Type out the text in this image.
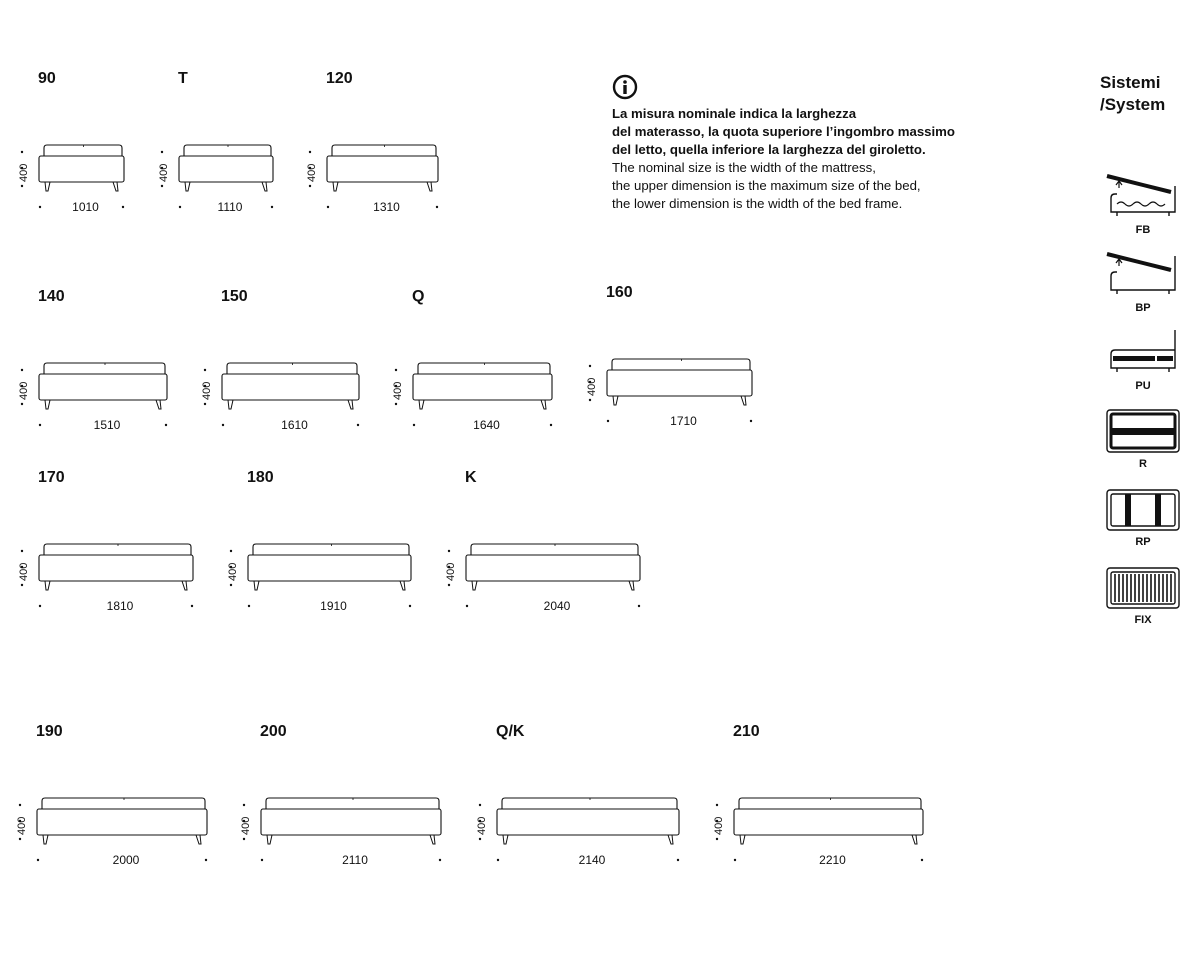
90
400
1010
T
400
1110
120
400
1310
140
400
1510
150
400
1610
Q
400
1640
160
400
1710
170
400
1810
180
400
1910
K
400
2040
190
400
2000
200
400
2110
Q/K
400
2140
210
400
2210

La misura nominale indica la larghezza

del materasso, la quota superiore l’ingombro massimo

del letto, quella inferiore la larghezza del giroletto.

The nominal size is the width of the mattress,

the upper dimension is the maximum size of the bed,

the lower dimension is the width of the bed frame.

Sistemi
/System
FB
BP
PU
R
RP
FIX
